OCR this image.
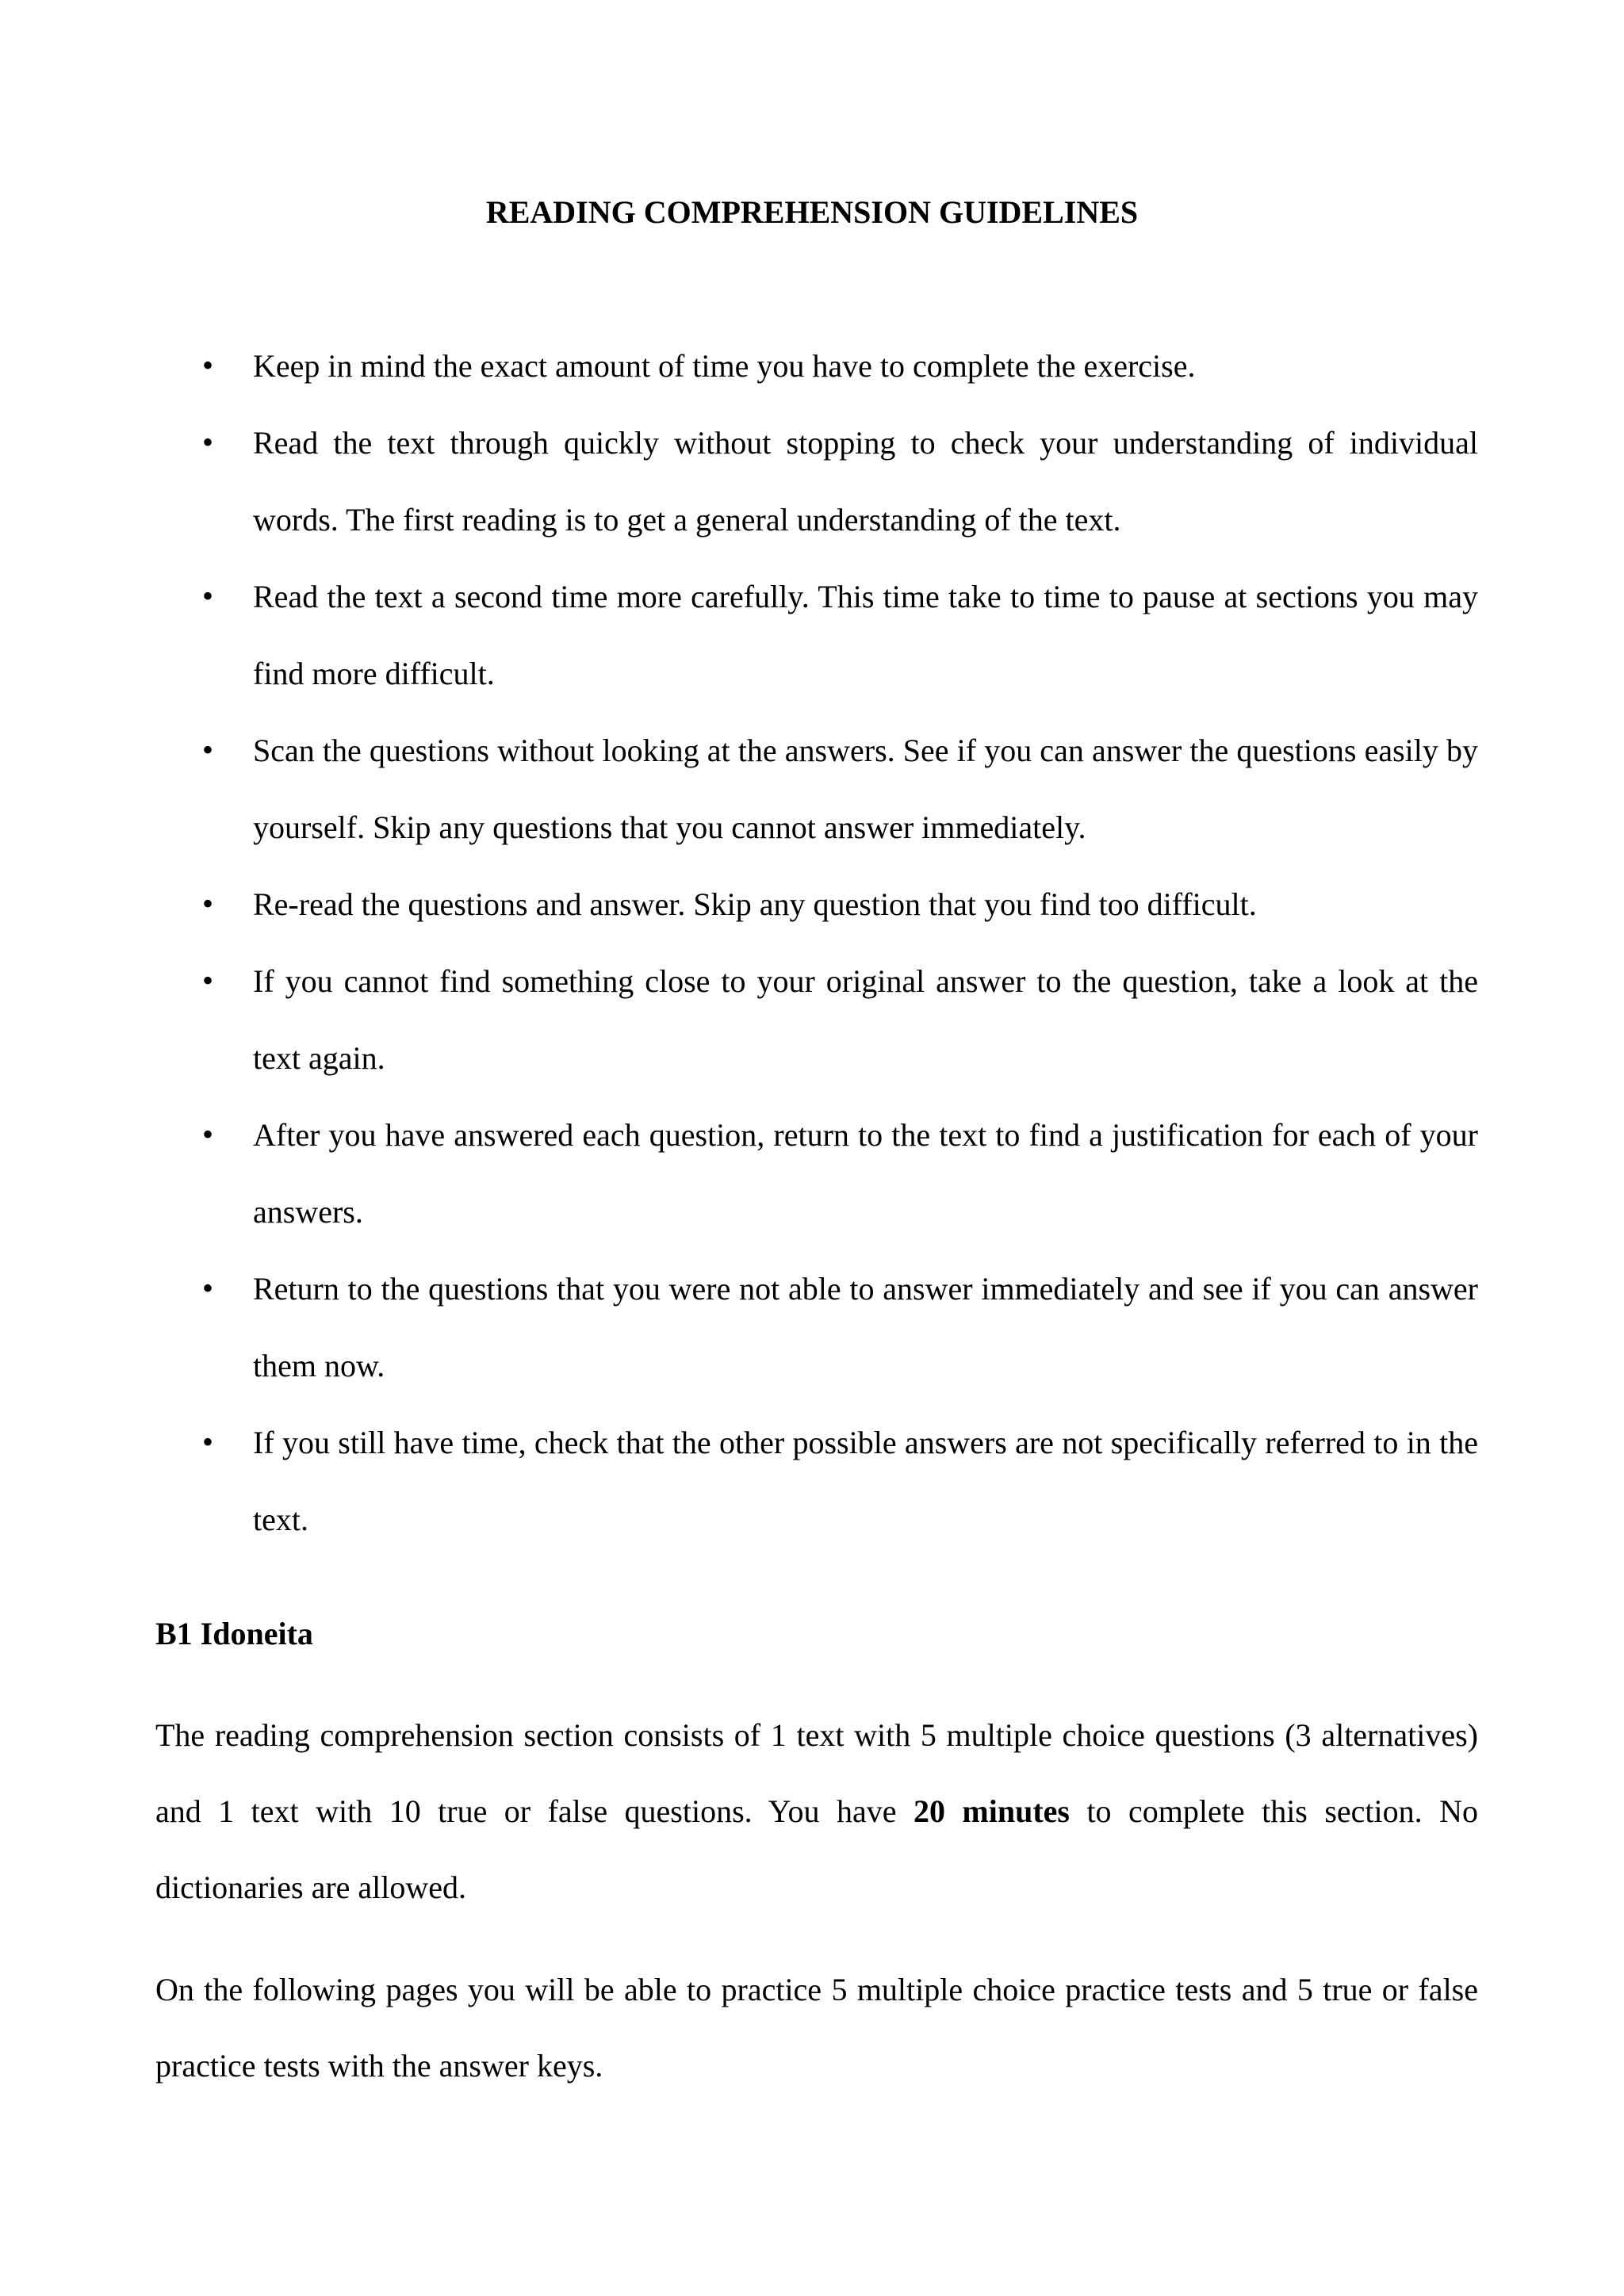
READING COMPREHENSION GUIDELINES
• Keep in mind the exact amount of time you have to complete the exercise.
• Read the text through quickly without stopping to check your understanding of individual words. The first reading is to get a general understanding of the text.
• Read the text a second time more carefully. This time take to time to pause at sections you may find more difficult.
• Scan the questions without looking at the answers. See if you can answer the questions easily by yourself. Skip any questions that you cannot answer immediately.
• Re-read the questions and answer. Skip any question that you find too difficult.
• If you cannot find something close to your original answer to the question, take a look at the text again.
• After you have answered each question, return to the text to find a justification for each of your answers.
• Return to the questions that you were not able to answer immediately and see if you can answer them now.
• If you still have time, check that the other possible answers are not specifically referred to in the text.
B1 Idoneita

The reading comprehension section consists of 1 text with 5 multiple choice questions (3 alternatives) and 1 text with 10 true or false questions. You have 20 minutes to complete this section. No dictionaries are allowed.

On the following pages you will be able to practice 5 multiple choice practice tests and 5 true or false practice tests with the answer keys.
